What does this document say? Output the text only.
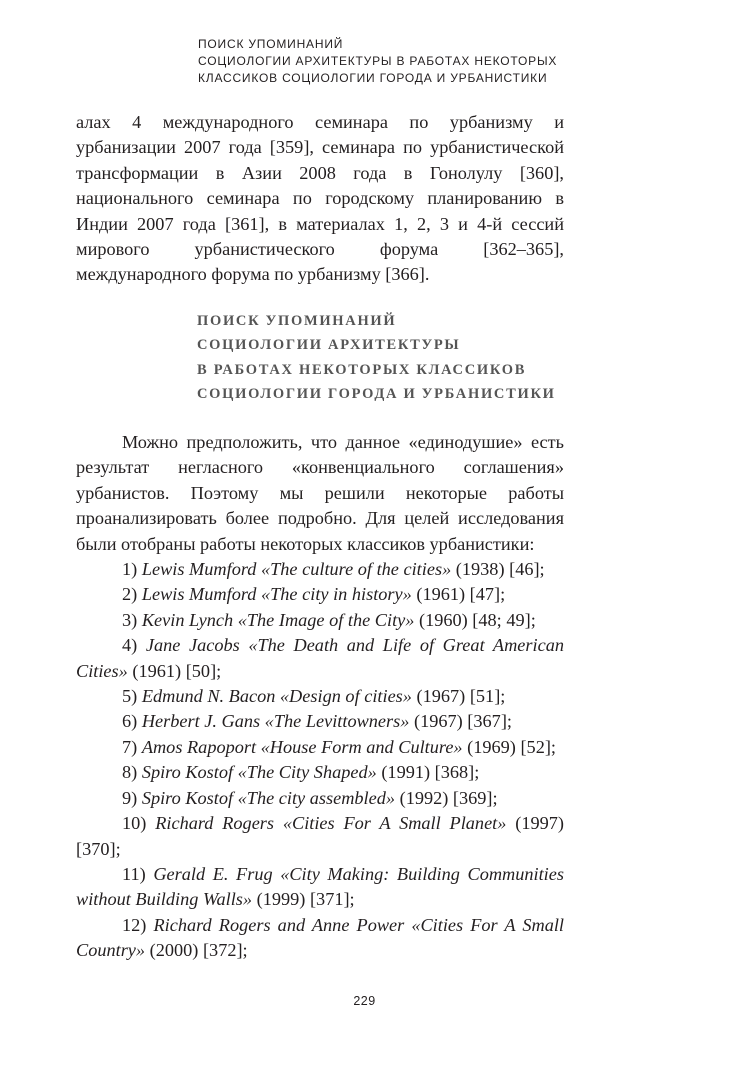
ПОИСК УПОМИНАНИЙ
СОЦИОЛОГИИ АРХИТЕКТУРЫ В РАБОТАХ НЕКОТОРЫХ
КЛАССИКОВ СОЦИОЛОГИИ ГОРОДА И УРБАНИСТИКИ

алах 4 международного семинара по урбанизму и урбанизации 2007 года [359], семинара по урбанистической трансформации в Азии 2008 года в Гонолулу [360], национального семинара по городскому планированию в Индии 2007 года [361], в материалах 1, 2, 3 и 4-й сессий мирового урбанистического форума [362–365], международного форума по урбанизму [366].

ПОИСК УПОМИНАНИЙ
СОЦИОЛОГИИ АРХИТЕКТУРЫ
В РАБОТАХ НЕКОТОРЫХ КЛАССИКОВ
СОЦИОЛОГИИ ГОРОДА И УРБАНИСТИКИ

Можно предположить, что данное «единодушие» есть результат негласного «конвенциального соглашения» урбанистов. Поэтому мы решили некоторые работы проанализировать более подробно. Для целей исследования были отобраны работы некоторых классиков урбанистики:

1) Lewis Mumford «The culture of the cities» (1938) [46];

2) Lewis Mumford «The city in history» (1961) [47];

3) Kevin Lynch «The Image of the City» (1960) [48; 49];

4) Jane Jacobs «The Death and Life of Great American Cities» (1961) [50];

5) Edmund N. Bacon «Design of cities» (1967) [51];

6) Herbert J. Gans «The Levittowners» (1967) [367];

7) Amos Rapoport «House Form and Culture» (1969) [52];

8) Spiro Kostof «The City Shaped» (1991) [368];

9) Spiro Kostof «The city assembled» (1992) [369];

10) Richard Rogers «Cities For A Small Planet» (1997) [370];

11) Gerald E. Frug «City Making: Building Communities without Building Walls» (1999) [371];

12) Richard Rogers and Anne Power «Cities For A Small Country» (2000) [372];

229
